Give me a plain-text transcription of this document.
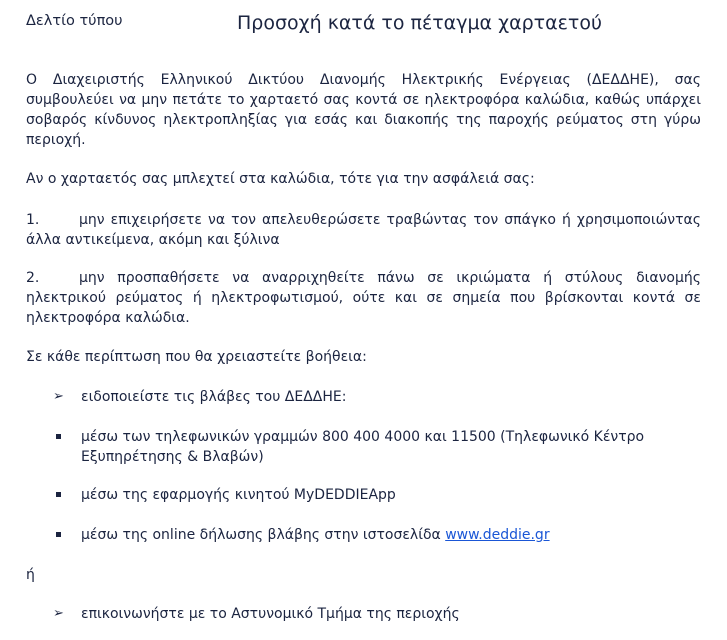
Δελτίο τύπου	Προσοχή κατά το πέταγμα χαρταετού
Ο Διαχειριστής Ελληνικού Δικτύου Διανομής Ηλεκτρικής Ενέργειας (ΔΕΔΔΗΕ), σας συμβουλεύει να μην πετάτε το χαρταετό σας κοντά σε ηλεκτροφόρα καλώδια, καθώς υπάρχει σοβαρός κίνδυνος ηλεκτροπληξίας για εσάς και διακοπής της παροχής ρεύματος στη γύρω περιοχή.
Αν ο χαρταετός σας μπλεχτεί στα καλώδια, τότε για την ασφάλειά σας:
1.	μην επιχειρήσετε να τον απελευθερώσετε τραβώντας τον σπάγκο ή χρησιμοποιώντας άλλα αντικείμενα, ακόμη και ξύλινα
2.	μην προσπαθήσετε να αναρριχηθείτε πάνω σε ικριώματα ή στύλους διανομής ηλεκτρικού ρεύματος ή ηλεκτροφωτισμού, ούτε και σε σημεία που βρίσκονται κοντά σε ηλεκτροφόρα καλώδια.
Σε κάθε περίπτωση που θα χρειαστείτε βοήθεια:
➢ ειδοποιείστε τις βλάβες του ΔΕΔΔΗΕ:
μέσω των τηλεφωνικών γραμμών 800 400 4000 και 11500 (Τηλεφωνικό Κέντρο Εξυπηρέτησης & Βλαβών)
μέσω της εφαρμογής κινητού MyDEDDIEApp
μέσω της online δήλωσης βλάβης στην ιστοσελίδα www.deddie.gr
ή
➢ επικοινωνήστε με το Αστυνομικό Τμήμα της περιοχής
